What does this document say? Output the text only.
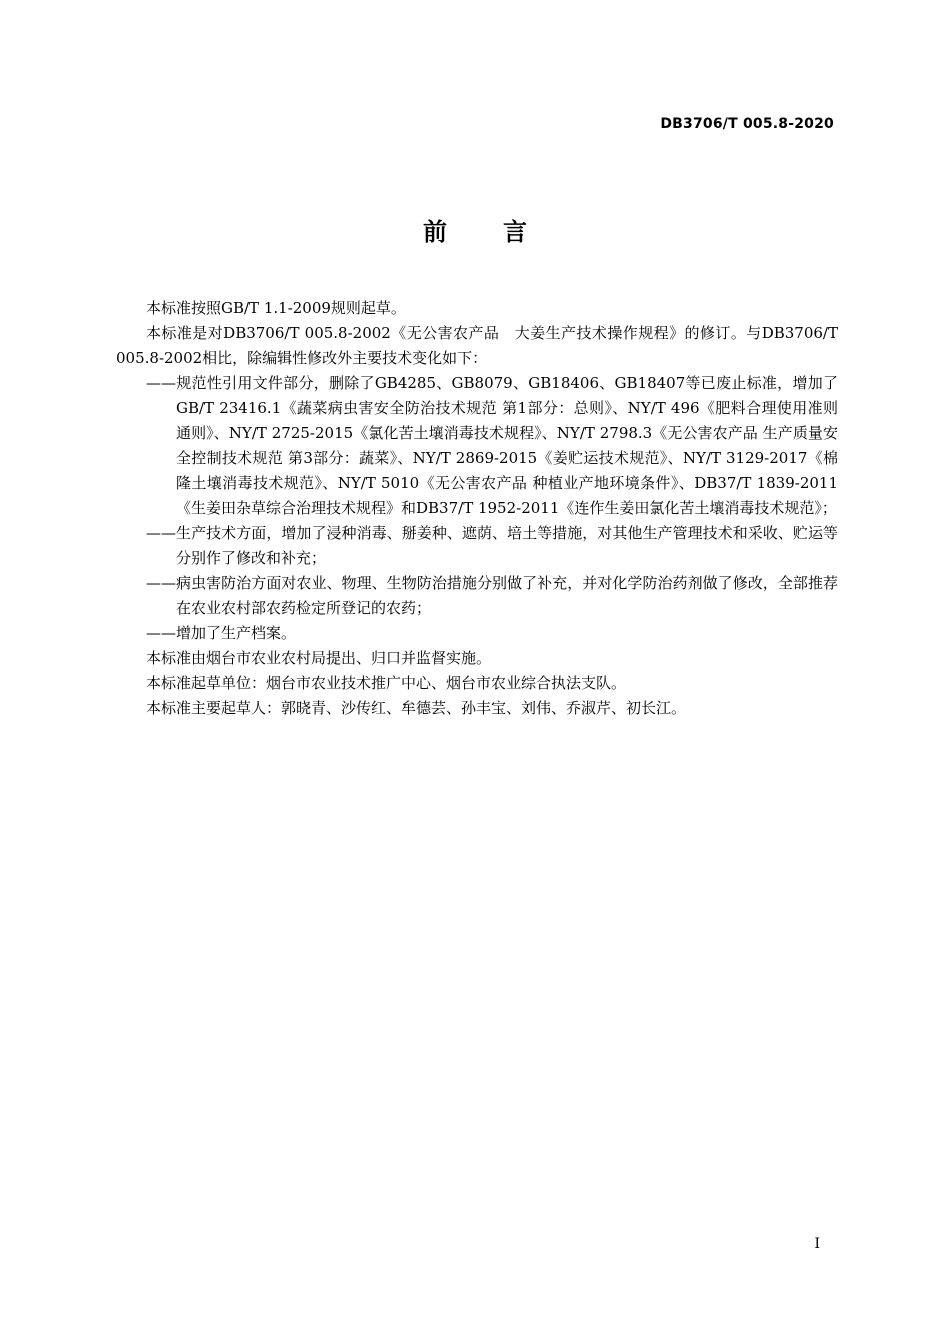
DB3706/T 005.8-2020
前言

本标准按照GB/T 1.1-2009规则起草。

本标准是对DB3706/T 005.8-2002《无公害农产品　大姜生产技术操作规程》的修订。与DB3706/T 005.8-2002相比，除编辑性修改外主要技术变化如下：

——规范性引用文件部分，删除了GB4285、GB8079、GB18406、GB18407等已废止标准，增加了GB/T 23416.1《蔬菜病虫害安全防治技术规范 第1部分：总则》、NY/T 496《肥料合理使用准则 通则》、NY/T 2725-2015《氯化苦土壤消毒技术规程》、NY/T 2798.3《无公害农产品 生产质量安全控制技术规范 第3部分：蔬菜》、NY/T 2869-2015《姜贮运技术规范》、NY/T 3129-2017《棉隆土壤消毒技术规范》、NY/T 5010《无公害农产品 种植业产地环境条件》、DB37/T 1839-2011《生姜田杂草综合治理技术规程》和DB37/T 1952-2011《连作生姜田氯化苦土壤消毒技术规范》；

——生产技术方面，增加了浸种消毒、掰姜种、遮荫、培土等措施，对其他生产管理技术和采收、贮运等分别作了修改和补充；

——病虫害防治方面对农业、物理、生物防治措施分别做了补充，并对化学防治药剂做了修改，全部推荐在农业农村部农药检定所登记的农药；

——增加了生产档案。

本标准由烟台市农业农村局提出、归口并监督实施。

本标准起草单位：烟台市农业技术推广中心、烟台市农业综合执法支队。

本标准主要起草人：郭晓青、沙传红、牟德芸、孙丰宝、刘伟、乔淑芹、初长江。

I
